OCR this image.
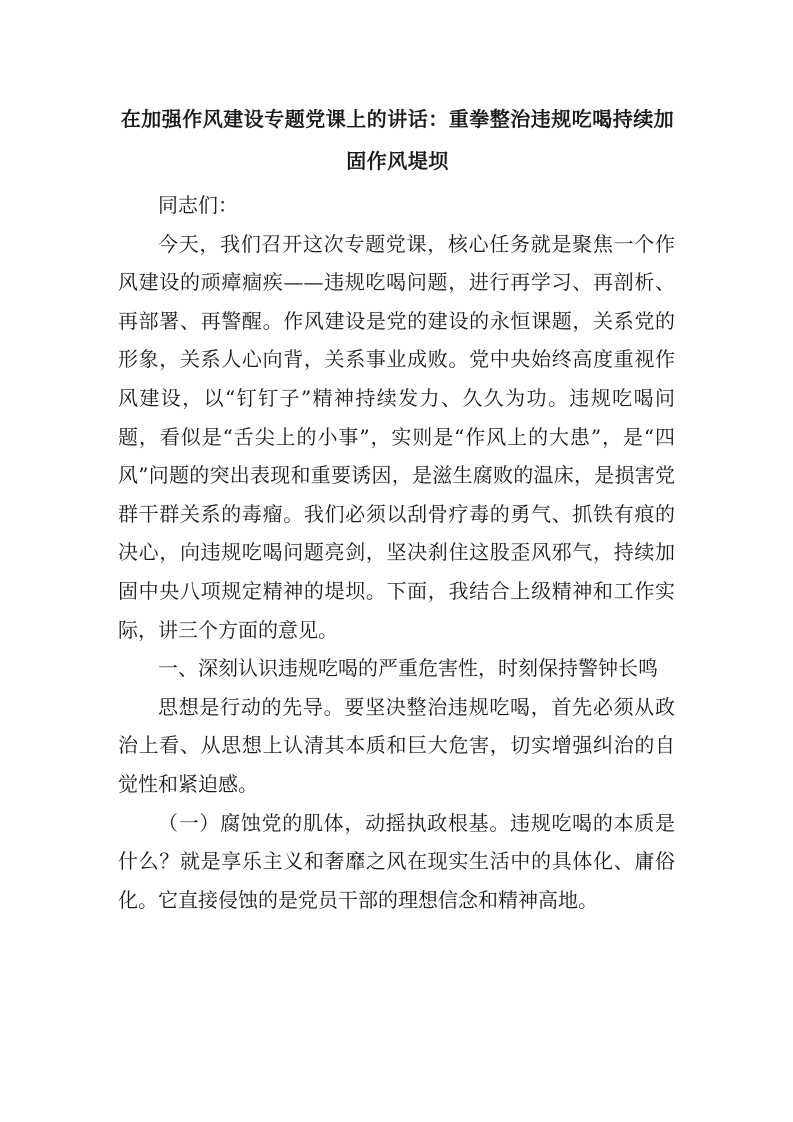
在加强作风建设专题党课上的讲话：重拳整治违规吃喝持续加固作风堤坝

同志们：

今天，我们召开这次专题党课，核心任务就是聚焦一个作风建设的顽瘴痼疾——违规吃喝问题，进行再学习、再剖析、再部署、再警醒。作风建设是党的建设的永恒课题，关系党的形象，关系人心向背，关系事业成败。党中央始终高度重视作风建设，以“钉钉子”精神持续发力、久久为功。违规吃喝问题，看似是“舌尖上的小事”，实则是“作风上的大患”，是“四风”问题的突出表现和重要诱因，是滋生腐败的温床，是损害党群干群关系的毒瘤。我们必须以刮骨疗毒的勇气、抓铁有痕的决心，向违规吃喝问题亮剑，坚决刹住这股歪风邪气，持续加固中央八项规定精神的堤坝。下面，我结合上级精神和工作实际，讲三个方面的意见。

一、深刻认识违规吃喝的严重危害性，时刻保持警钟长鸣

思想是行动的先导。要坚决整治违规吃喝，首先必须从政治上看、从思想上认清其本质和巨大危害，切实增强纠治的自觉性和紧迫感。

（一）腐蚀党的肌体，动摇执政根基。违规吃喝的本质是什么？就是享乐主义和奢靡之风在现实生活中的具体化、庸俗化。它直接侵蚀的是党员干部的理想信念和精神高地。
